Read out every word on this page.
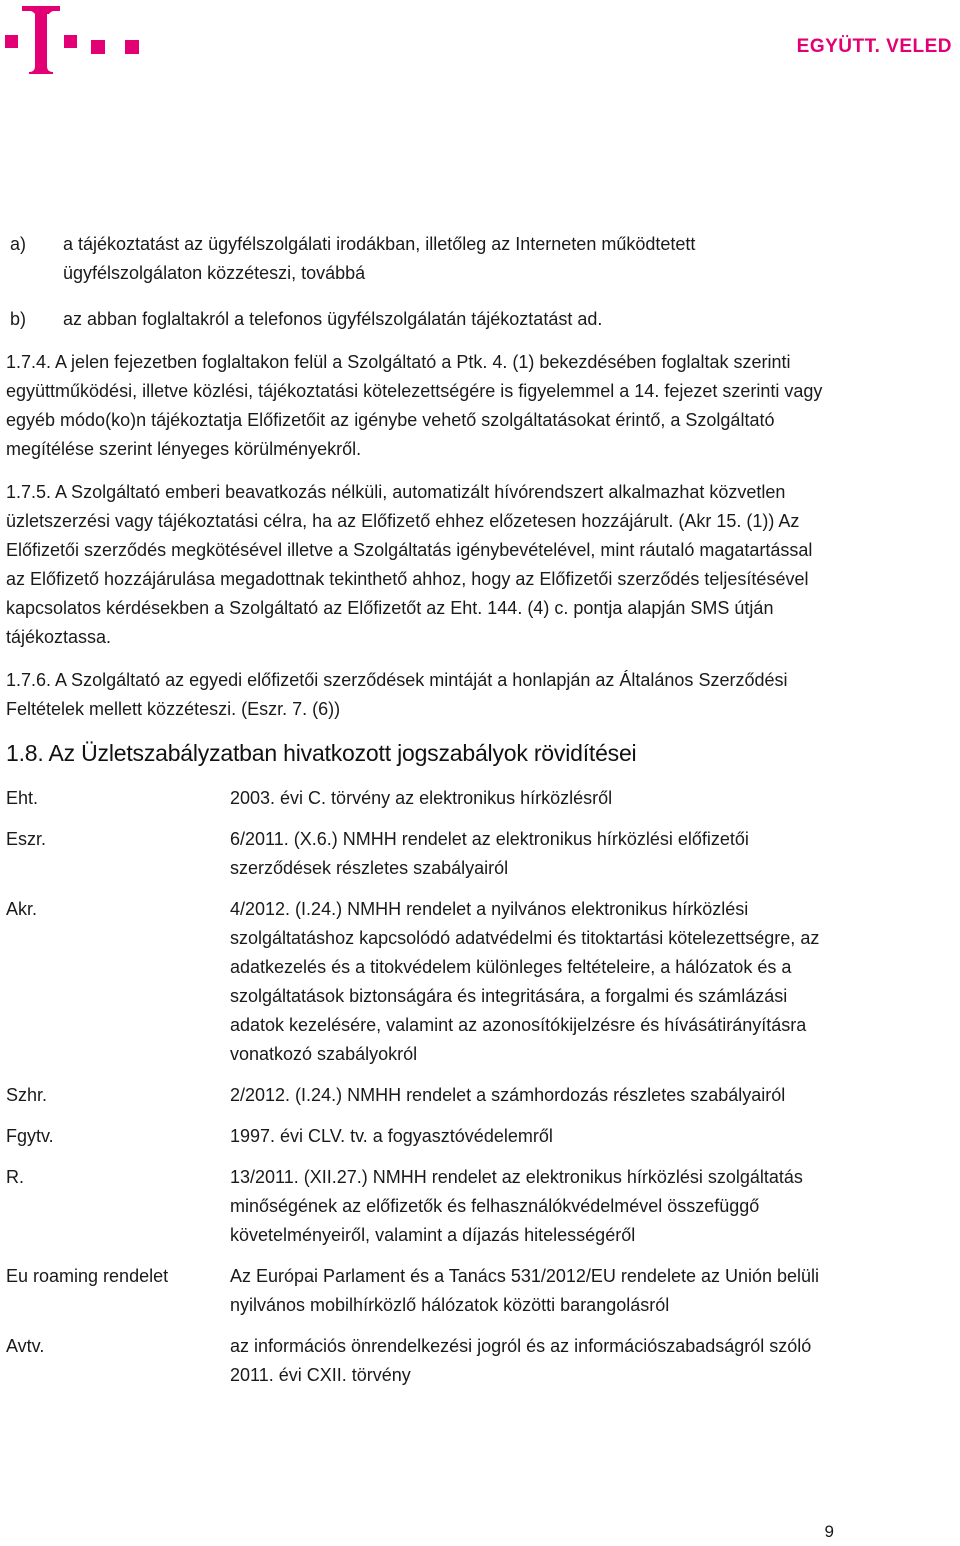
EGYÜTT. VELED
a) a tájékoztatást az ügyfélszolgálati irodákban, illetőleg az Interneten működtetett ügyfélszolgálaton közzéteszi, továbbá
b) az abban foglaltakról a telefonos ügyfélszolgálatán tájékoztatást ad.

1.7.4. A jelen fejezetben foglaltakon felül a Szolgáltató a Ptk. 4. (1) bekezdésében foglaltak szerinti együttműködési, illetve közlési, tájékoztatási kötelezettségére is figyelemmel a 14. fejezet szerinti vagy egyéb módo(ko)n tájékoztatja Előfizetőit az igénybe vehető szolgáltatásokat érintő, a Szolgáltató megítélése szerint lényeges körülményekről.

1.7.5. A Szolgáltató emberi beavatkozás nélküli, automatizált hívórendszert alkalmazhat közvetlen üzletszerzési vagy tájékoztatási célra, ha az Előfizető ehhez előzetesen hozzájárult. (Akr 15. (1)) Az Előfizetői szerződés megkötésével illetve a Szolgáltatás igénybevételével, mint ráutaló magatartással az Előfizető hozzájárulása megadottnak tekinthető ahhoz, hogy az Előfizetői szerződés teljesítésével kapcsolatos kérdésekben a Szolgáltató az Előfizetőt az Eht. 144. (4) c. pontja alapján SMS útján tájékoztassa.

1.7.6. A Szolgáltató az egyedi előfizetői szerződések mintáját a honlapján az Általános Szerződési Feltételek mellett közzéteszi. (Eszr. 7. (6))

1.8. Az Üzletszabályzatban hivatkozott jogszabályok rövidítései
Eht.	2003. évi C. törvény az elektronikus hírközlésről
Eszr.	6/2011. (X.6.) NMHH rendelet az elektronikus hírközlési előfizetői szerződések részletes szabályairól
Akr.	4/2012. (I.24.) NMHH rendelet a nyilvános elektronikus hírközlési szolgáltatáshoz kapcsolódó adatvédelmi és titoktartási kötelezettségre, az adatkezelés és a titokvédelem különleges feltételeire, a hálózatok és a szolgáltatások biztonságára és integritására, a forgalmi és számlázási adatok kezelésére, valamint az azonosítókijelzésre és hívásátirányításra vonatkozó szabályokról
Szhr.	2/2012. (I.24.) NMHH rendelet a számhordozás részletes szabályairól
Fgytv.	1997. évi CLV. tv. a fogyasztóvédelemről
R.	13/2011. (XII.27.) NMHH rendelet az elektronikus hírközlési szolgáltatás minőségének az előfizetők és felhasználókvédelmével összefüggő követelményeiről, valamint a díjazás hitelességéről
Eu roaming rendelet	Az Európai Parlament és a Tanács 531/2012/EU rendelete az Unión belüli nyilvános mobilhírközlő hálózatok közötti barangolásról
Avtv.	az információs önrendelkezési jogról és az információszabadságról szóló 2011. évi CXII. törvény
9
